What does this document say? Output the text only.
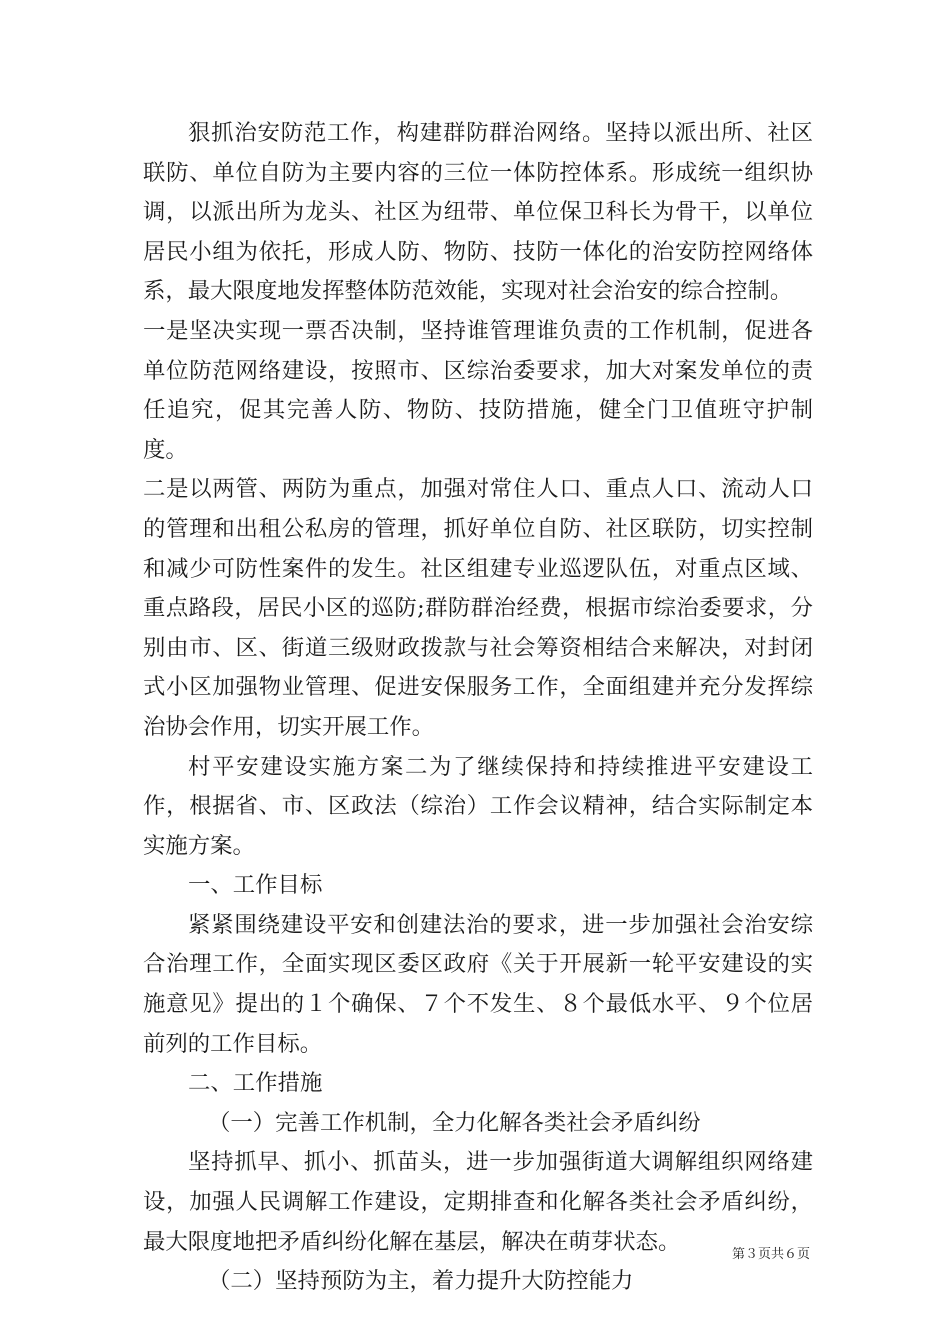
狠抓治安防范工作，构建群防群治网络。坚持以派出所、社区联防、单位自防为主要内容的三位一体防控体系。形成统一组织协调，以派出所为龙头、社区为纽带、单位保卫科长为骨干，以单位居民小组为依托，形成人防、物防、技防一体化的治安防控网络体系，最大限度地发挥整体防范效能，实现对社会治安的综合控制。

一是坚决实现一票否决制，坚持谁管理谁负责的工作机制，促进各单位防范网络建设，按照市、区综治委要求，加大对案发单位的责任追究，促其完善人防、物防、技防措施，健全门卫值班守护制度。

二是以两管、两防为重点，加强对常住人口、重点人口、流动人口的管理和出租公私房的管理，抓好单位自防、社区联防，切实控制和减少可防性案件的发生。社区组建专业巡逻队伍，对重点区域、重点路段，居民小区的巡防;群防群治经费，根据市综治委要求，分别由市、区、街道三级财政拨款与社会筹资相结合来解决，对封闭式小区加强物业管理、促进安保服务工作，全面组建并充分发挥综治协会作用，切实开展工作。

村平安建设实施方案二为了继续保持和持续推进平安建设工作，根据省、市、区政法（综治）工作会议精神，结合实际制定本实施方案。

一、工作目标

紧紧围绕建设平安和创建法治的要求，进一步加强社会治安综合治理工作，全面实现区委区政府《关于开展新一轮平安建设的实施意见》提出的１个确保、７个不发生、８个最低水平、９个位居前列的工作目标。

二、工作措施

（一）完善工作机制，全力化解各类社会矛盾纠纷

坚持抓早、抓小、抓苗头，进一步加强街道大调解组织网络建设，加强人民调解工作建设，定期排查和化解各类社会矛盾纠纷，最大限度地把矛盾纠纷化解在基层，解决在萌芽状态。

（二）坚持预防为主，着力提升大防控能力

第３页共６页
